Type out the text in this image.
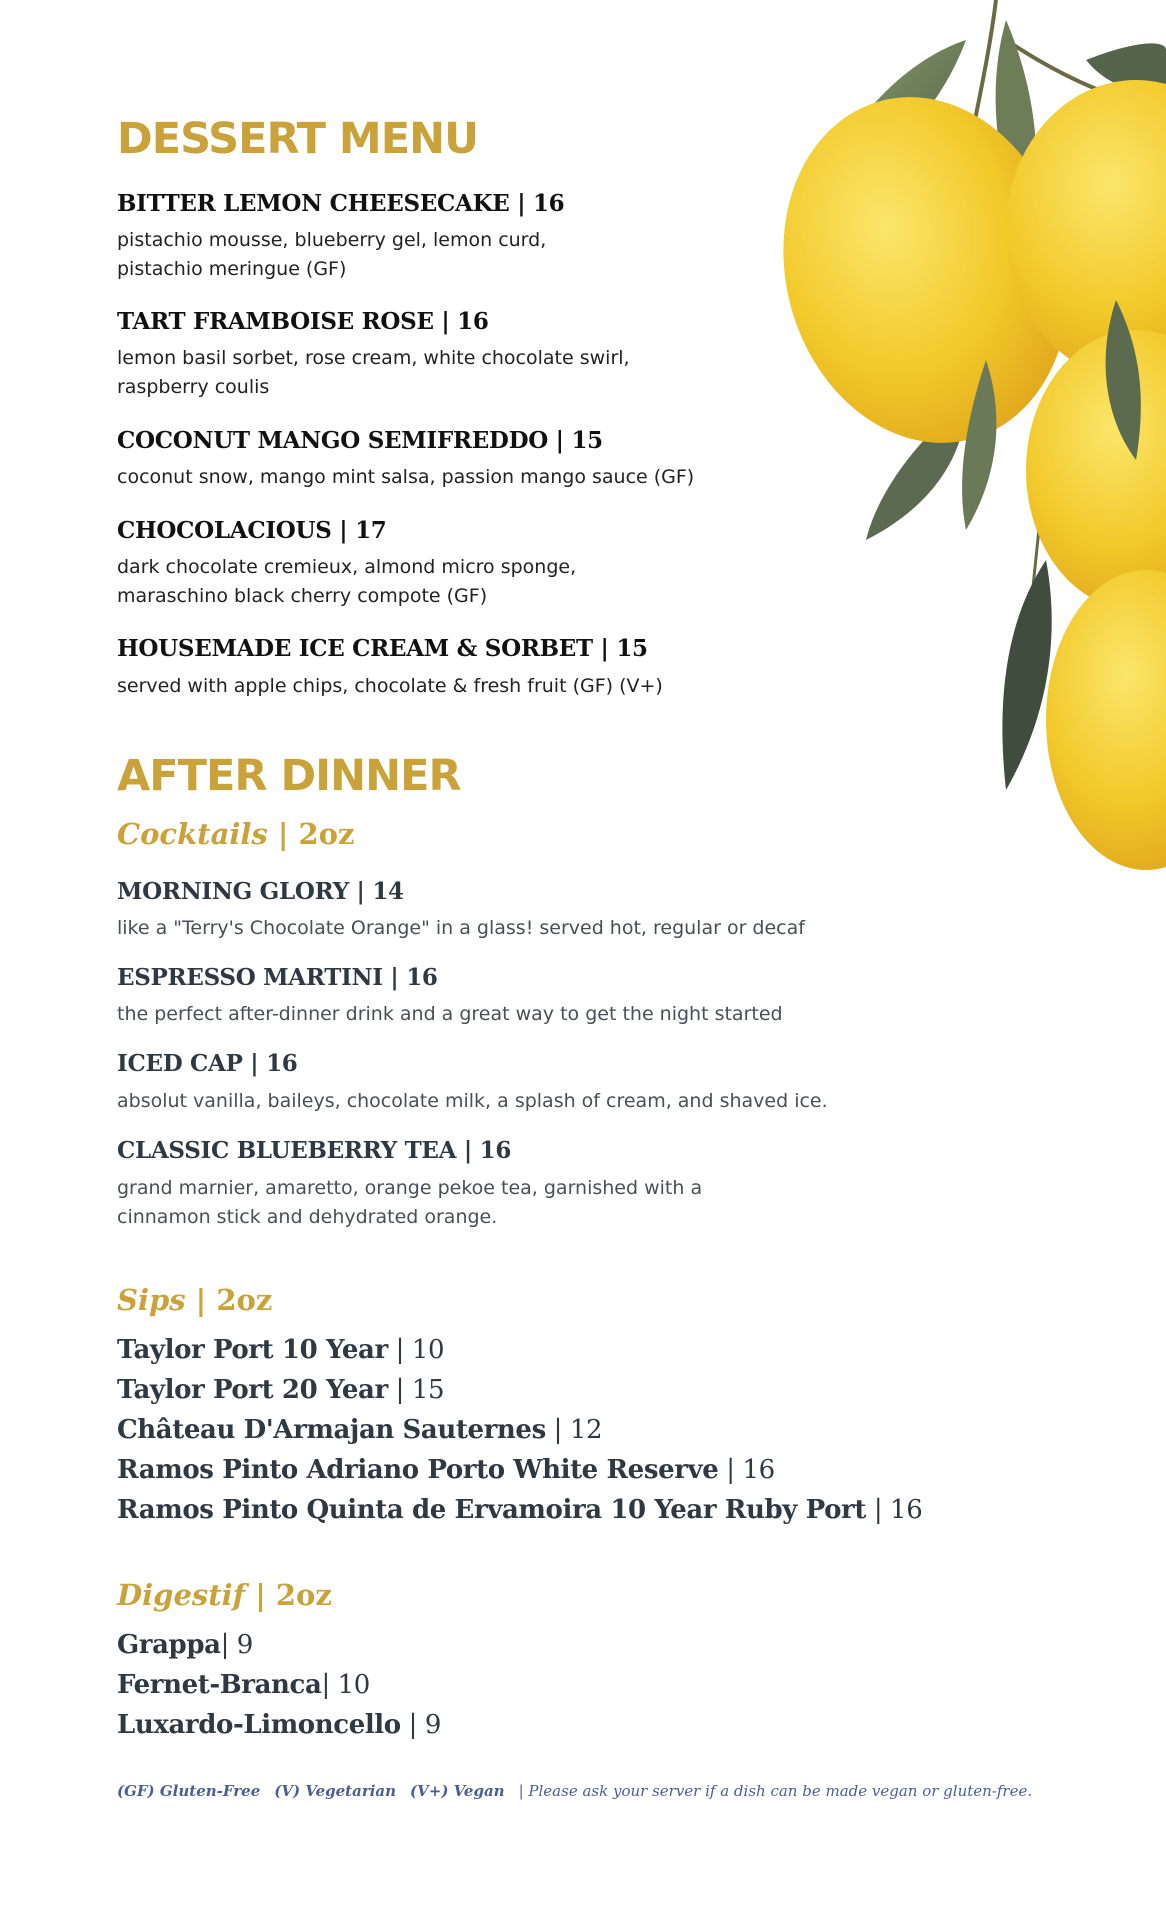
DESSERT MENU
BITTER LEMON CHEESECAKE | 16
pistachio mousse, blueberry gel, lemon curd,
pistachio meringue (GF)
TART FRAMBOISE ROSE | 16
lemon basil sorbet, rose cream, white chocolate swirl,
raspberry coulis
COCONUT MANGO SEMIFREDDO | 15
coconut snow, mango mint salsa, passion mango sauce (GF)
CHOCOLACIOUS | 17
dark chocolate cremieux, almond micro sponge,
maraschino black cherry compote (GF)
HOUSEMADE ICE CREAM & SORBET | 15
served with apple chips, chocolate & fresh fruit (GF) (V+)
AFTER DINNER
Cocktails | 2oz
MORNING GLORY | 14
like a "Terry's Chocolate Orange" in a glass! served hot, regular or decaf
ESPRESSO MARTINI | 16
the perfect after-dinner drink and a great way to get the night started
ICED CAP | 16
absolut vanilla, baileys, chocolate milk, a splash of cream, and shaved ice.
CLASSIC BLUEBERRY TEA | 16
grand marnier, amaretto, orange pekoe tea, garnished with a
cinnamon stick and dehydrated orange.
Sips | 2oz
Taylor Port 10 Year | 10
Taylor Port 20 Year | 15
Château D'Armajan Sauternes | 12
Ramos Pinto Adriano Porto White Reserve | 16
Ramos Pinto Quinta de Ervamoira 10 Year Ruby Port | 16
Digestif | 2oz
Grappa| 9
Fernet-Branca| 10
Luxardo-Limoncello | 9
(GF) Gluten-Free (V) Vegetarian (V+) Vegan | Please ask your server if a dish can be made vegan or gluten-free.
